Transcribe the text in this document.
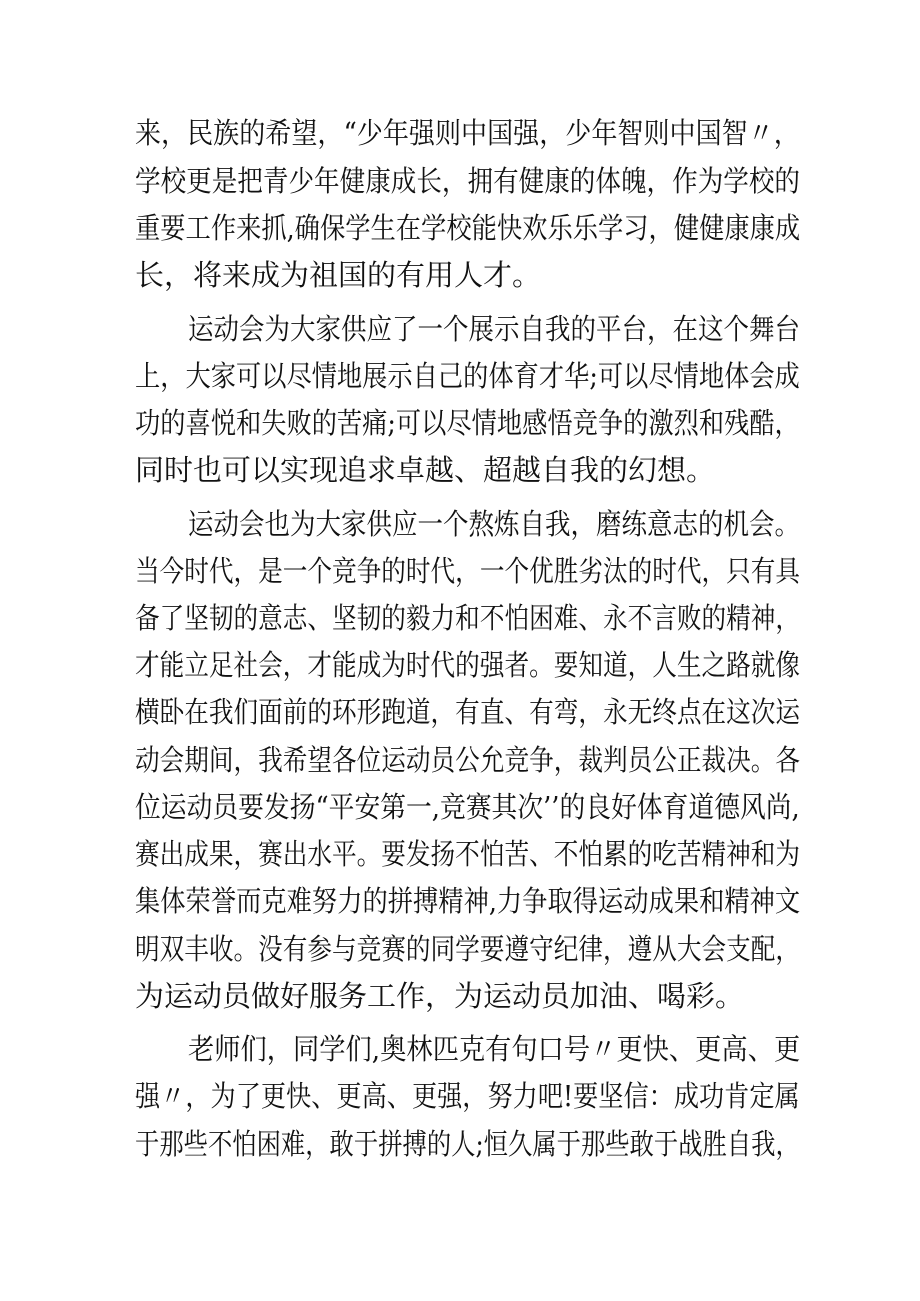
来，民族的希望，“少年强则中国强，少年智则中国智〃，
学校更是把青少年健康成长，拥有健康的体魄，作为学校的
重要工作来抓,确保学生在学校能快欢乐乐学习，健健康康成
长，将来成为祖国的有用人才。
运动会为大家供应了一个展示自我的平台，在这个舞台
上，大家可以尽情地展示自己的体育才华;可以尽情地体会成
功的喜悦和失败的苦痛;可以尽情地感悟竞争的激烈和残酷，
同时也可以实现追求卓越、超越自我的幻想。
运动会也为大家供应一个熬炼自我，磨练意志的机会。
当今时代，是一个竞争的时代，一个优胜劣汰的时代，只有具
备了坚韧的意志、坚韧的毅力和不怕困难、永不言败的精神，
才能立足社会，才能成为时代的强者。要知道，人生之路就像
横卧在我们面前的环形跑道，有直、有弯，永无终点在这次运
动会期间，我希望各位运动员公允竞争，裁判员公正裁决。各
位运动员要发扬“平安第一,竞赛其次’’的良好体育道德风尚,
赛出成果，赛出水平。要发扬不怕苦、不怕累的吃苦精神和为
集体荣誉而克难努力的拼搏精神,力争取得运动成果和精神文
明双丰收。没有参与竞赛的同学要遵守纪律，遵从大会支配，
为运动员做好服务工作，为运动员加油、喝彩。
老师们，同学们,奥林匹克有句口号〃更快、更高、更
强〃，为了更快、更高、更强，努力吧!要坚信：成功肯定属
于那些不怕困难，敢于拼搏的人;恒久属于那些敢于战胜自我，
